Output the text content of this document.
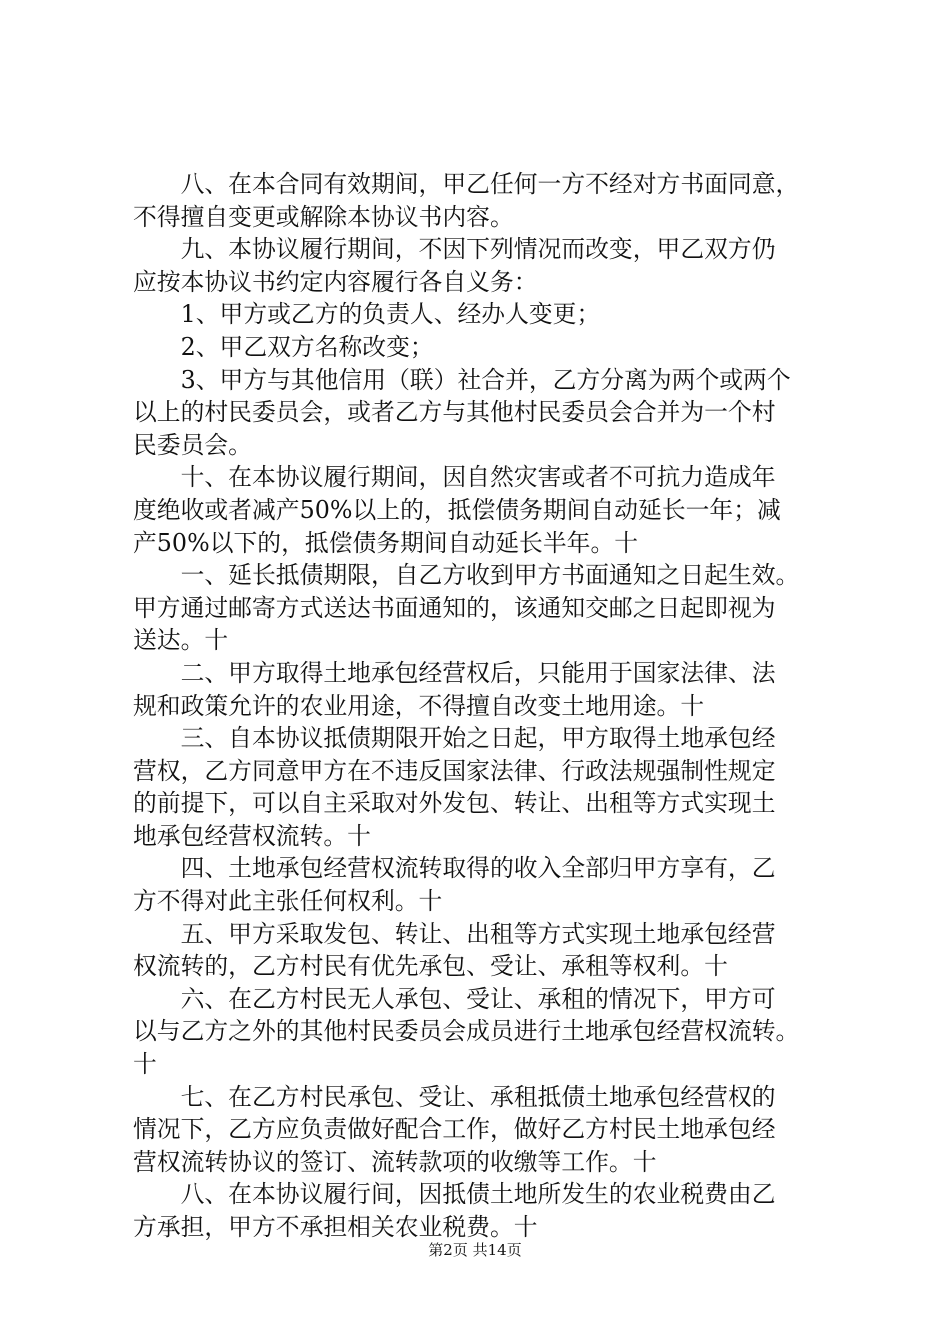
　　八、在本合同有效期间，甲乙任何一方不经对方书面同意，
不得擅自变更或解除本协议书内容。
　　九、本协议履行期间，不因下列情况而改变，甲乙双方仍
应按本协议书约定内容履行各自义务：
　　1、甲方或乙方的负责人、经办人变更；
　　2、甲乙双方名称改变；
　　3、甲方与其他信用（联）社合并，乙方分离为两个或两个
以上的村民委员会，或者乙方与其他村民委员会合并为一个村
民委员会。
　　十、在本协议履行期间，因自然灾害或者不可抗力造成年
度绝收或者减产50%以上的，抵偿债务期间自动延长一年；减
产50%以下的，抵偿债务期间自动延长半年。十
　　一、延长抵债期限，自乙方收到甲方书面通知之日起生效。
甲方通过邮寄方式送达书面通知的，该通知交邮之日起即视为
送达。十
　　二、甲方取得土地承包经营权后，只能用于国家法律、法
规和政策允许的农业用途，不得擅自改变土地用途。十
　　三、自本协议抵债期限开始之日起，甲方取得土地承包经
营权，乙方同意甲方在不违反国家法律、行政法规强制性规定
的前提下，可以自主采取对外发包、转让、出租等方式实现土
地承包经营权流转。十
　　四、土地承包经营权流转取得的收入全部归甲方享有，乙
方不得对此主张任何权利。十
　　五、甲方采取发包、转让、出租等方式实现土地承包经营
权流转的，乙方村民有优先承包、受让、承租等权利。十
　　六、在乙方村民无人承包、受让、承租的情况下，甲方可
以与乙方之外的其他村民委员会成员进行土地承包经营权流转。
十
　　七、在乙方村民承包、受让、承租抵债土地承包经营权的
情况下，乙方应负责做好配合工作，做好乙方村民土地承包经
营权流转协议的签订、流转款项的收缴等工作。十
　　八、在本协议履行间，因抵债土地所发生的农业税费由乙
方承担，甲方不承担相关农业税费。十
第2页 共14页
